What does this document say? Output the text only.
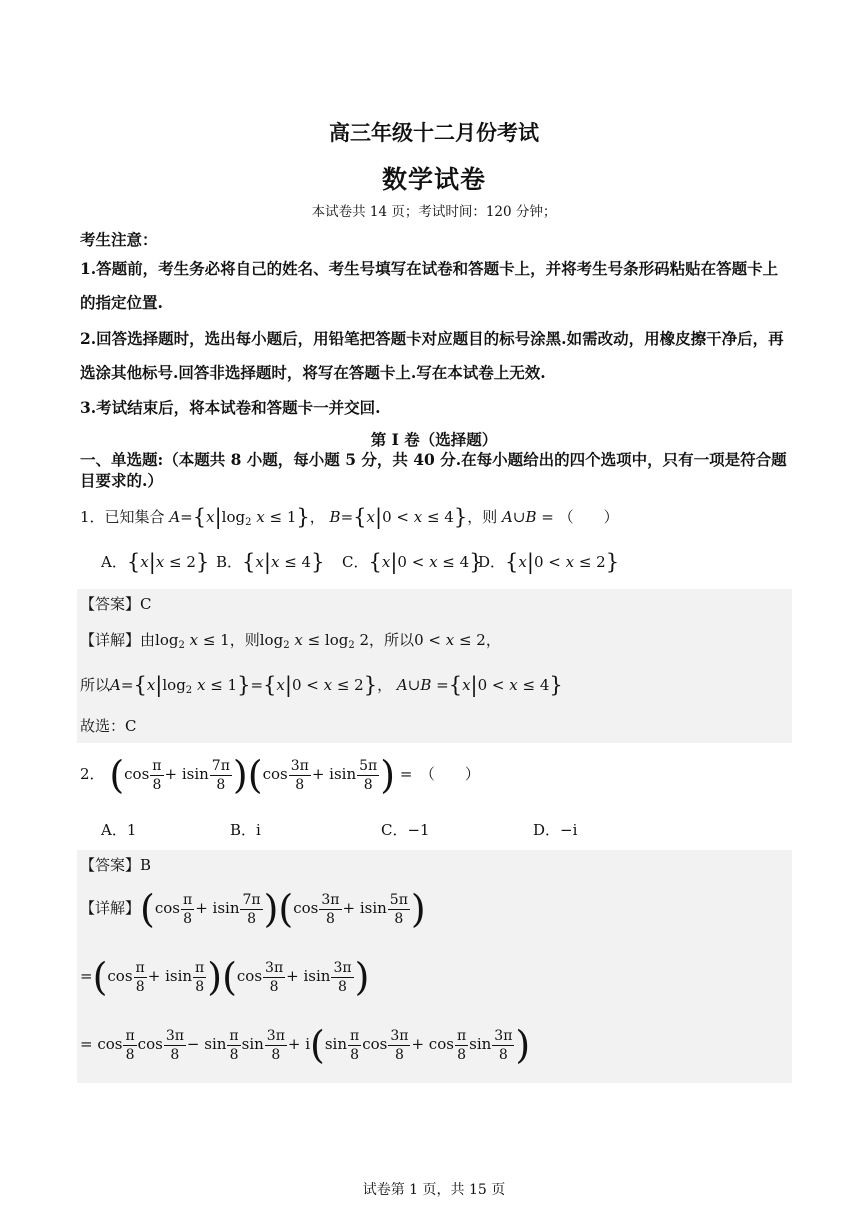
高三年级十二月份考试
数学试卷
本试卷共 14 页；考试时间：120 分钟；
考生注意：
1.答题前，考生务必将自己的姓名、考生号填写在试卷和答题卡上，并将考生号条形码粘贴在答题卡上的指定位置.
2.回答选择题时，选出每小题后，用铅笔把答题卡对应题目的标号涂黑.如需改动，用橡皮擦干净后，再选涂其他标号.回答非选择题时，将写在答题卡上.写在本试卷上无效.
3.考试结束后，将本试卷和答题卡一并交回.
第 I 卷（选择题）
一、单选题:（本题共 8 小题，每小题 5 分，共 40 分.在每小题给出的四个选项中，只有一项是符合题目要求的.）
1．已知集合 $A=\{x|\log_2$ x ≤ 1}， B={x|0 < x ≤ 4}，则 A∪B = （　　）
A．{x|x ≤ 2} B．{x|x ≤ 4} C．{x|0 < x ≤ 4}
D．{x|0 < x ≤ 2}
【答案】C
【详解】由$\log_2 x \le 1$，则$\log_2 x \le \log_2 2$，所以0 < x ≤ 2，
所以$A=\{x|\log_2$ x ≤ 1}={x|0 < x ≤ 2}， A∪B ={x|0 < x ≤ 4}
故选：C
2． $(\cos \frac{\pi}{8} + isin \frac{7\pi}{8} )(\cos \frac{3\pi}{8} + isin \frac{5\pi}{8}$ ) =　（　　）
A．1	B．i	C．−1	D．−i
【答案】B
【详解】$(\cos \frac{\pi}{8} + isin \frac{7\pi}{8} )(\cos \frac{3\pi}{8} + isin \frac{5\pi}{8}$ )
$=(\cos \frac{\pi}{8} + isin \frac{\pi}{8} )(\cos \frac{3\pi}{8} + isin \frac{3\pi}{8}$ )
= $\cos \frac{\pi}{8}$ $\cos \frac{3\pi}{8} - \sin \frac{\pi}{8}$ $\sin \frac{3\pi}{8} + i(\sin \frac{\pi}{8}$ $\cos \frac{3\pi}{8} + \cos \frac{\pi}{8}$ $\sin \frac{3\pi}{8}$ )
试卷第 1 页，共 15 页
